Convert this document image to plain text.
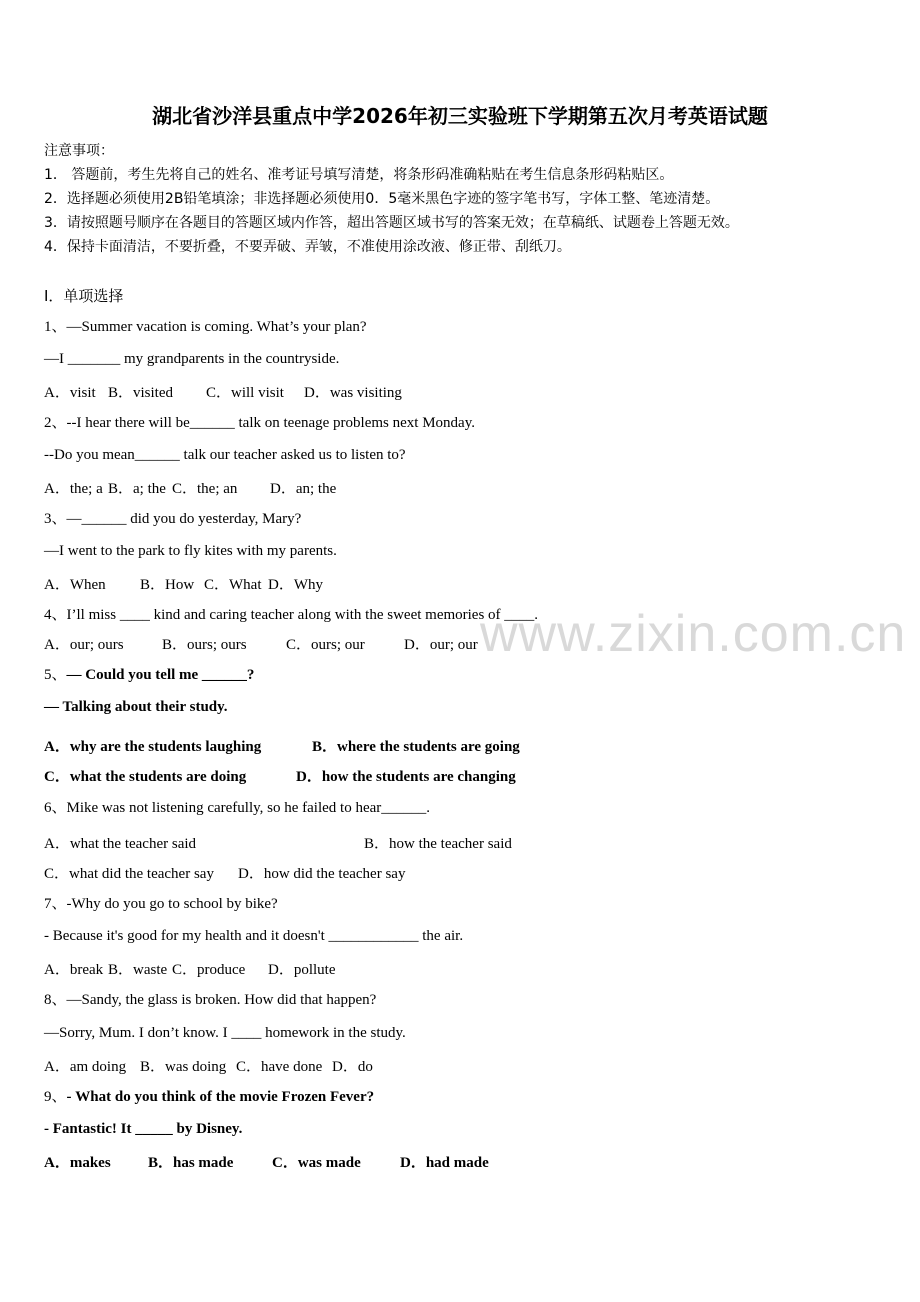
湖北省沙洋县重点中学2026年初三实验班下学期第五次月考英语试题
注意事项：
1． 答题前，考生先将自己的姓名、准考证号填写清楚，将条形码准确粘贴在考生信息条形码粘贴区。
2．选择题必须使用2B铅笔填涂；非选择题必须使用0．5毫米黑色字迹的签字笔书写，字体工整、笔迹清楚。
3．请按照题号顺序在各题目的答题区域内作答，超出答题区域书写的答案无效；在草稿纸、试题卷上答题无效。
4．保持卡面清洁，不要折叠，不要弄破、弄皱，不准使用涂改液、修正带、刮纸刀。
Ⅰ．单项选择
1、—Summer vacation is coming. What’s your plan?
—I _______ my grandparents in the countryside.
A．visit B．visited C．will visit D．was visiting
2、--I hear there will be______ talk on teenage problems next Monday.
--Do you mean______ talk our teacher asked us to listen to?
A．the; a B．a; the C．the; an D．an; the
3、—______ did you do yesterday, Mary?
—I went to the park to fly kites with my parents.
A．When B．How C．What D．Why
4、I’ll miss ____ kind and caring teacher along with the sweet memories of ____.
A．our; ours	B．ours; ours	C．ours; our	D．our; our
5、— Could you tell me ______?
— Talking about their study.
A．why are the students laughing	B．where the students are going
C．what the students are doing	D．how the students are changing
6、Mike was not listening carefully, so he failed to hear______.
A．what the teacher said	B．how the teacher said
C．what did the teacher say D．how did the teacher say
7、-Why do you go to school by bike?
- Because it's good for my health and it doesn't ____________ the air.
A．break B．waste C．produce D．pollute
8、—Sandy, the glass is broken. How did that happen?
—Sorry, Mum. I don’t know. I ____ homework in the study.
A．am doing B．was doing C．have done D．do
9、- What do you think of the movie Frozen Fever?
- Fantastic! It _____ by Disney.
A．makes B．has made	C．was made	D．had made
www.zixin.com.cn
